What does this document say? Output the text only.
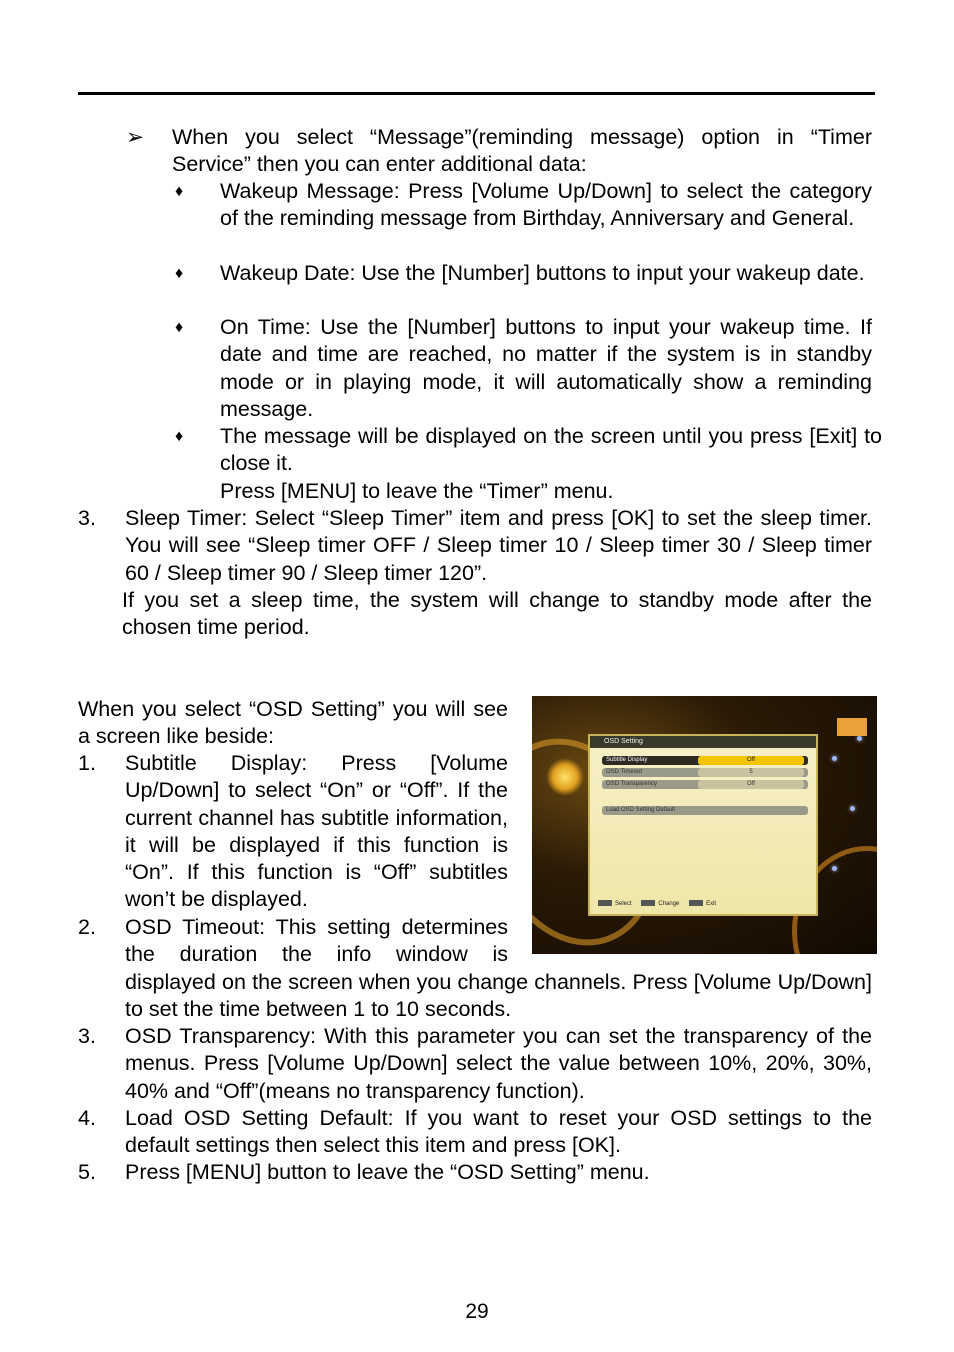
➢ When you select “Message”(reminding message) option in “Timer Service” then you can enter additional data:
♦ Wakeup Message: Press [Volume Up/Down] to select the category of the reminding message from Birthday, Anniversary and General.
♦ Wakeup Date: Use the [Number] buttons to input your wakeup date.
♦ On Time: Use the [Number] buttons to input your wakeup time. If date and time are reached, no matter if the system is in standby mode or in playing mode, it will automatically show a reminding message.
♦ The message will be displayed on the screen until you press [Exit] to close it.
Press [MENU] to leave the “Timer” menu.
3. Sleep Timer: Select “Sleep Timer” item and press [OK] to set the sleep timer. You will see “Sleep timer OFF / Sleep timer 10 / Sleep timer 30 / Sleep timer 60 / Sleep timer 90 / Sleep timer 120”.
If you set a sleep time, the system will change to standby mode after the chosen time period.
When you select “OSD Setting” you will see a screen like beside:
1. Subtitle Display: Press [Volume Up/Down] to select “On” or “Off”. If the current channel has subtitle information, it will be displayed if this function is “On”. If this function is “Off” subtitles won’t be displayed.
2. OSD Timeout: This setting determines the duration the info window is
displayed on the screen when you change channels. Press [Volume Up/Down] to set the time between 1 to 10 seconds.
3. OSD Transparency: With this parameter you can set the transparency of the menus. Press [Volume Up/Down] select the value between 10%, 20%, 30%, 40% and “Off”(means no transparency function).
4. Load OSD Setting Default: If you want to reset your OSD settings to the default settings then select this item and press [OK].
5. Press [MENU] button to leave the “OSD Setting” menu.
OSD Setting
Subtitle Display	Off
OSD Timeout	5
OSD Transparency	Off
Load OSD Setting Default
Select	Change	Exit
29
